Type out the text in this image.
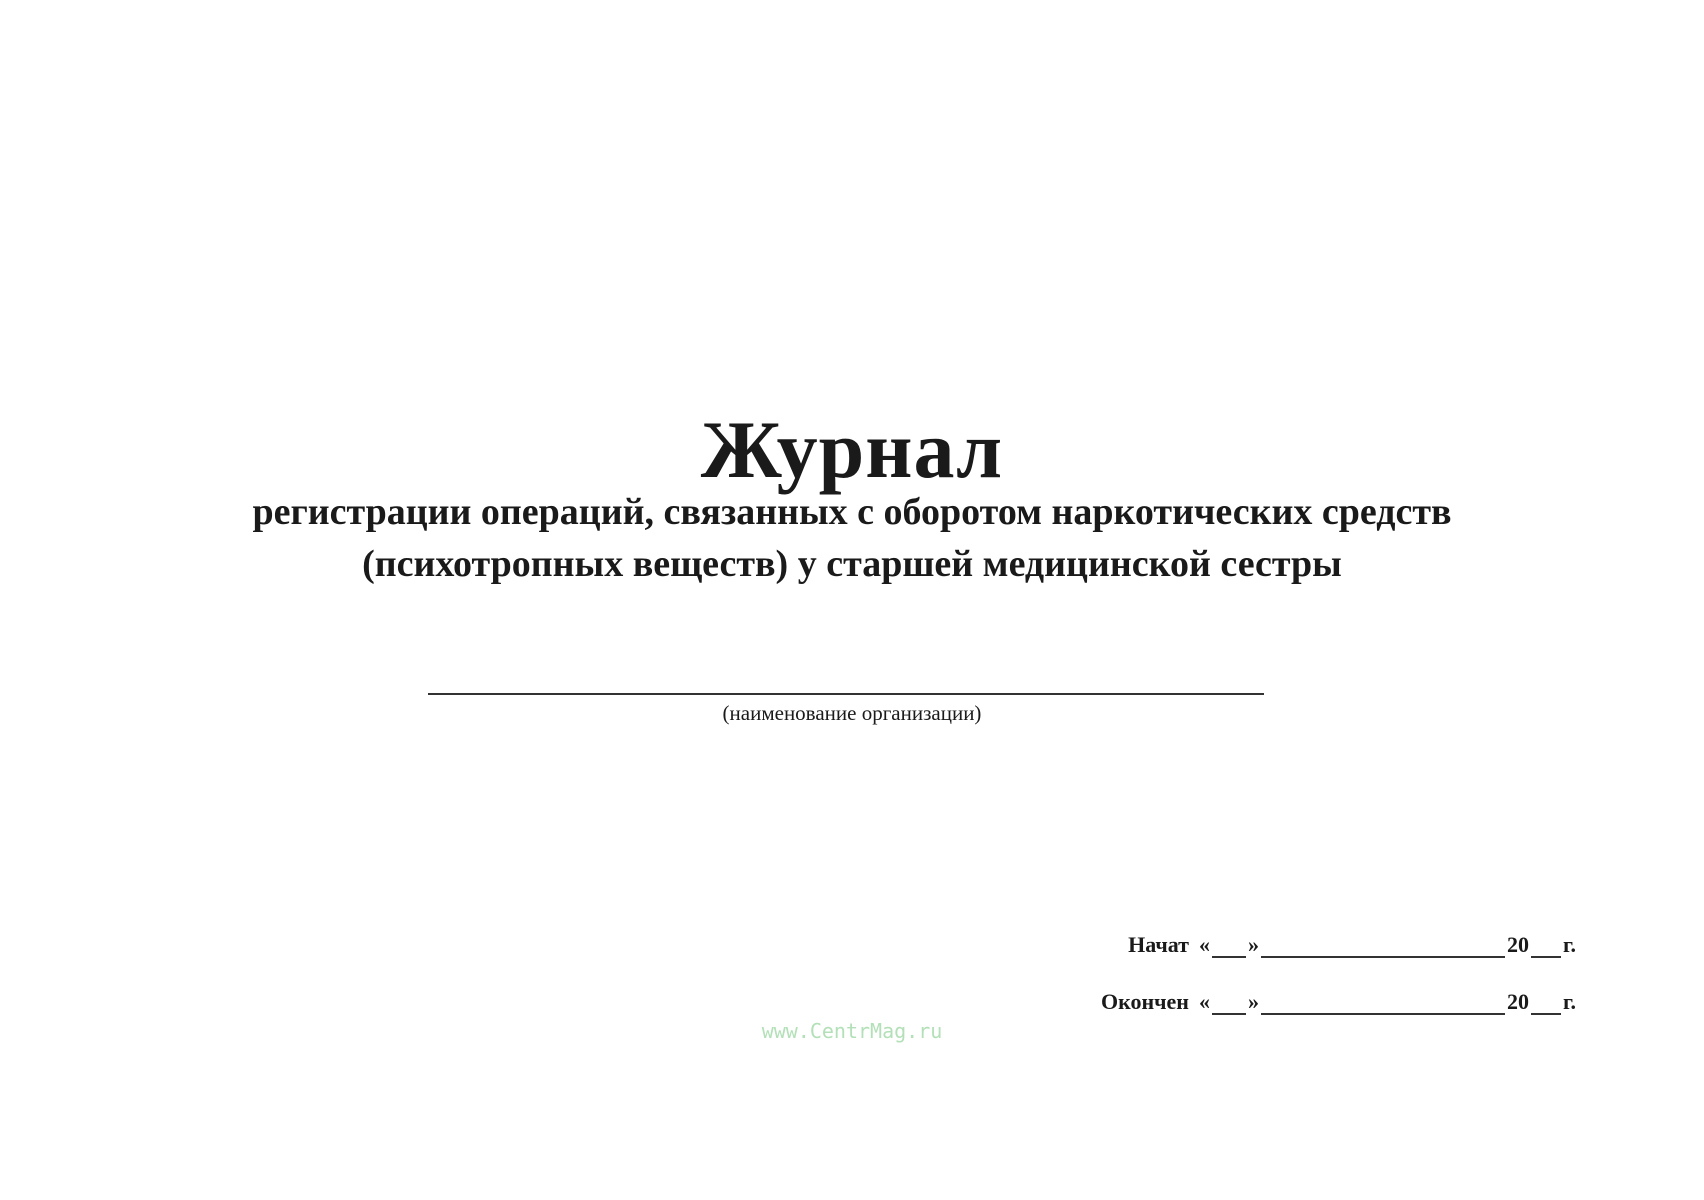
Журнал
регистрации операций, связанных с оборотом наркотических средств
(психотропных веществ) у старшей медицинской сестры
(наименование организации)
Начат « »	20 г.
Окончен « »	20 г.
www.CentrMag.ru
